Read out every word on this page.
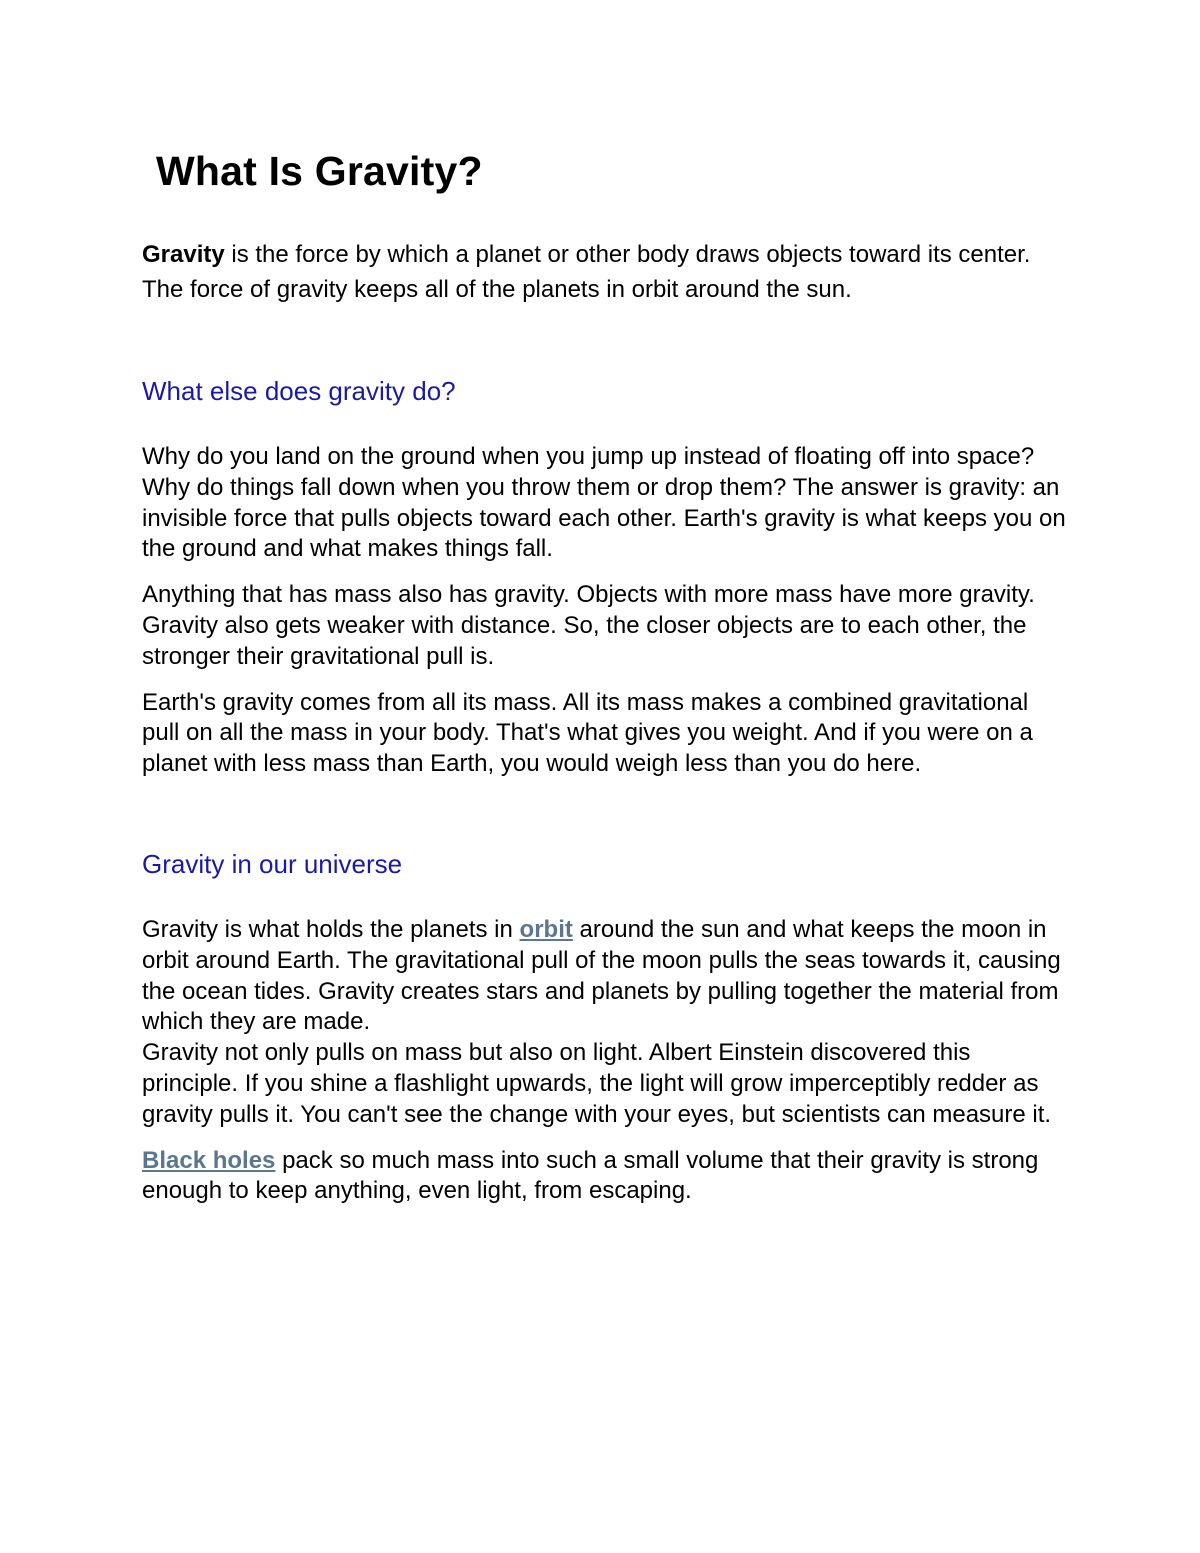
What Is Gravity?

Gravity is the force by which a planet or other body draws objects toward its center. The force of gravity keeps all of the planets in orbit around the sun.

What else does gravity do?

Why do you land on the ground when you jump up instead of floating off into space? Why do things fall down when you throw them or drop them? The answer is gravity: an invisible force that pulls objects toward each other. Earth's gravity is what keeps you on the ground and what makes things fall.

Anything that has mass also has gravity. Objects with more mass have more gravity. Gravity also gets weaker with distance. So, the closer objects are to each other, the stronger their gravitational pull is.

Earth's gravity comes from all its mass. All its mass makes a combined gravitational pull on all the mass in your body. That's what gives you weight. And if you were on a planet with less mass than Earth, you would weigh less than you do here.

Gravity in our universe

Gravity is what holds the planets in orbit around the sun and what keeps the moon in orbit around Earth. The gravitational pull of the moon pulls the seas towards it, causing the ocean tides. Gravity creates stars and planets by pulling together the material from which they are made.

Gravity not only pulls on mass but also on light. Albert Einstein discovered this principle. If you shine a flashlight upwards, the light will grow imperceptibly redder as gravity pulls it. You can't see the change with your eyes, but scientists can measure it.

Black holes pack so much mass into such a small volume that their gravity is strong enough to keep anything, even light, from escaping.
